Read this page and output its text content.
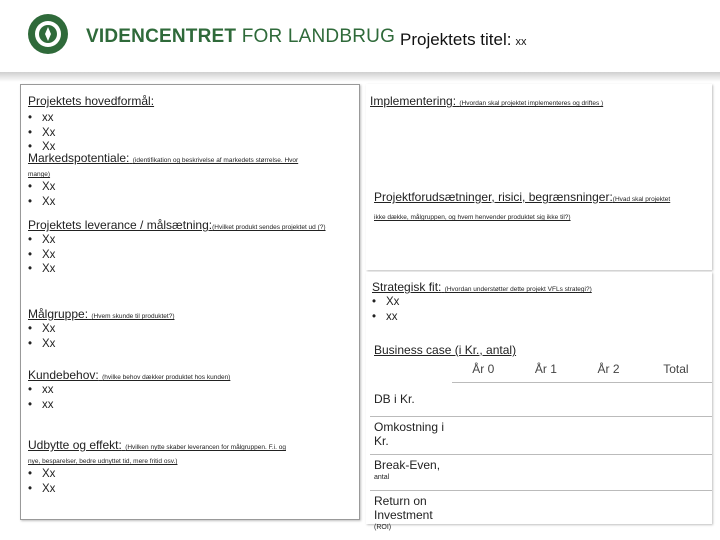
VIDENCENTRET FOR LANDBRUG Projektets titel: xx
Projektets hovedformål:
• xx
• Xx
• Xx
Markedspotentiale: (identifikation og beskrivelse af markedets størrelse. Hvor
mange)
• Xx
• Xx
Projektets leverance / målsætning:(Hvilket produkt sendes projektet ud (?)
• Xx
• Xx
• Xx
Målgruppe: (Hvem skunde til produktet?)
• Xx
• Xx
Kundebehov: (hvilke behov dækker produktet hos kunden)
• xx
• xx
Udbytte og effekt: (Hvilken nytte skaber leverancen for målgruppen. F.i. og
nye, besparelser, bedre udnyttet tid, mere fritid osv.)
• Xx
• Xx
Implementering: (Hvordan skal projektet implementeres og driftes )
Projektforudsætninger, risici, begrænsninger:(Hvad skal projektet
ikke dække, målgruppen, og hvem henvender produktet sig ikke til?)
Strategisk fit: (Hvordan understøtter dette projekt VFLs strategi?)
• Xx
• xx
Business case (i Kr., antal)
	År 0	År 1	År 2	Total
DB i Kr.				
Omkostning i Kr.				
Break-Even,
antal				

Return on Investment
(ROI)				
